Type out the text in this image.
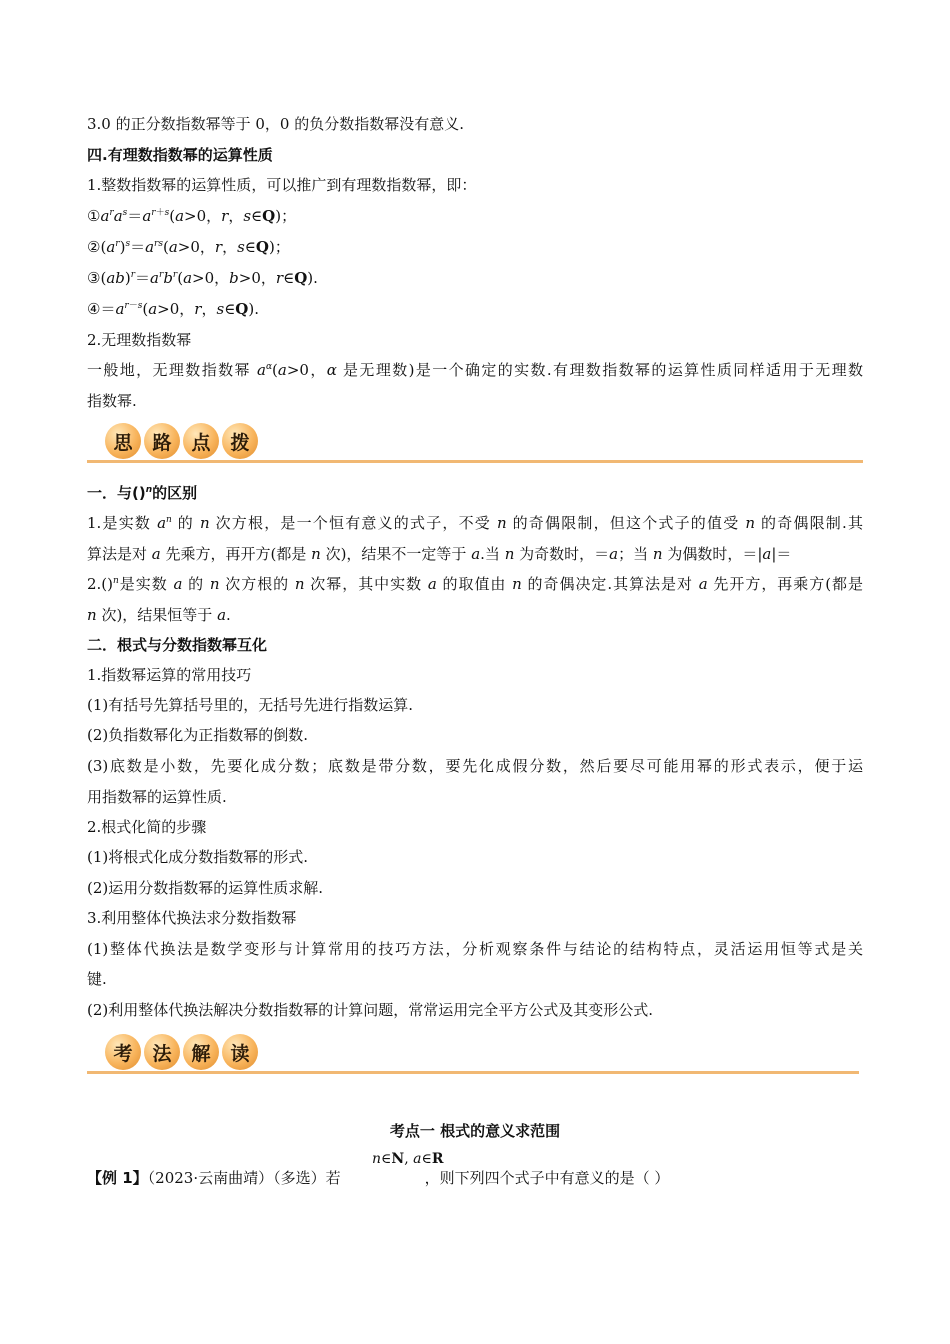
3.0 的正分数指数幂等于 0，0 的负分数指数幂没有意义.
四.有理数指数幂的运算性质
1.整数指数幂的运算性质，可以推广到有理数指数幂，即：
$①a^ra^s=a^{r+s}(a>0$，r，s∈Q)；
$②(a^r)^s=a^{rs}(a>0$，r，s∈Q)；
$③(ab)^r=a^rb^r(a>0$，b>0，r∈Q).
$④=a^{r-s}(a>0$，r，s∈Q).
2.无理数指数幂
一般地，无理数指数幂 $a^\alpha(a>0$，α 是无理数)是一个确定的实数.有理数指数幂的运算性质同样适用于无理数
指数幂.
思	路	点	拨
一．与()$^n$的区别
1.是实数 $a^n$ 的 n 次方根，是一个恒有意义的式子，不受 n 的奇偶限制，但这个式子的值受 n 的奇偶限制.其
算法是对 a 先乘方，再开方(都是 n 次)，结果不一定等于 a.当 n 为奇数时，＝a；当 n 为偶数时，＝|a|＝
2.()$^n$是实数 a 的 n 次方根的 n 次幂，其中实数 a 的取值由 n 的奇偶决定.其算法是对 a 先开方，再乘方(都是
n 次)，结果恒等于 a.
二．根式与分数指数幂互化
1.指数幂运算的常用技巧
(1)有括号先算括号里的，无括号先进行指数运算.
(2)负指数幂化为正指数幂的倒数.
(3)底数是小数，先要化成分数；底数是带分数，要先化成假分数，然后要尽可能用幂的形式表示，便于运
用指数幂的运算性质.
2.根式化简的步骤
(1)将根式化成分数指数幂的形式.
(2)运用分数指数幂的运算性质求解.
3.利用整体代换法求分数指数幂
(1)整体代换法是数学变形与计算常用的技巧方法，分析观察条件与结论的结构特点，灵活运用恒等式是关
键.
(2)利用整体代换法解决分数指数幂的计算问题，常常运用完全平方公式及其变形公式.
考	法	解	读
考点一 根式的意义求范围
n∈N, a∈R
【例 1】（2023·云南曲靖）（多选）若	，则下列四个式子中有意义的是（ ）
